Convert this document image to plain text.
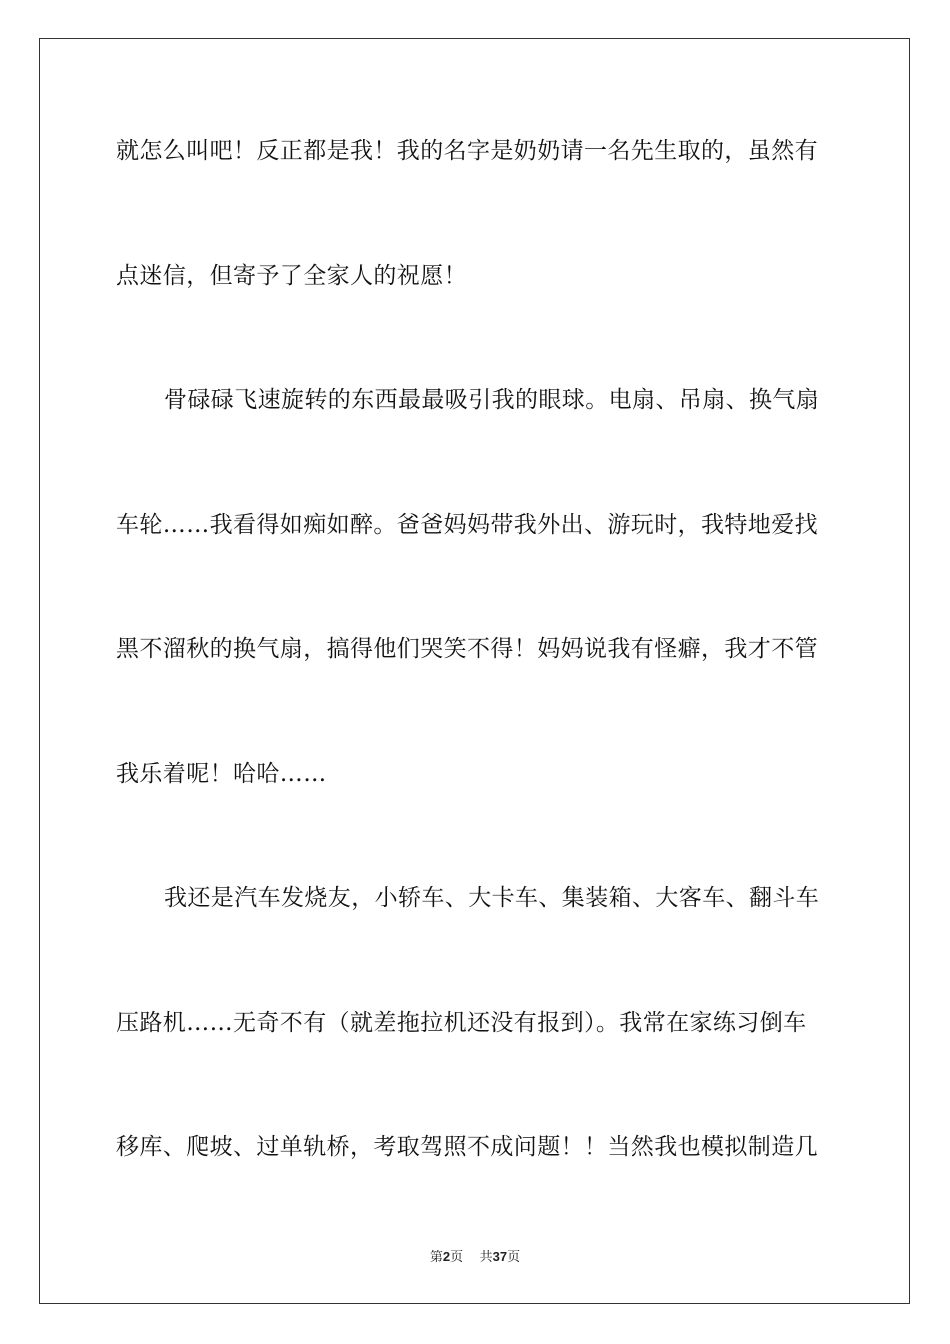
就怎么叫吧！反正都是我！我的名字是奶奶请一名先生取的，虽然有
点迷信，但寄予了全家人的祝愿！
骨碌碌飞速旋转的东西最最吸引我的眼球。电扇、吊扇、换气扇
车轮……我看得如痴如醉。爸爸妈妈带我外出、游玩时，我特地爱找
黑不溜秋的换气扇，搞得他们哭笑不得！妈妈说我有怪癖，我才不管
我乐着呢！哈哈……
我还是汽车发烧友，小轿车、大卡车、集装箱、大客车、翻斗车
压路机……无奇不有（就差拖拉机还没有报到）。我常在家练习倒车
移库、爬坡、过单轨桥，考取驾照不成问题！！当然我也模拟制造几
第2页 共37页
